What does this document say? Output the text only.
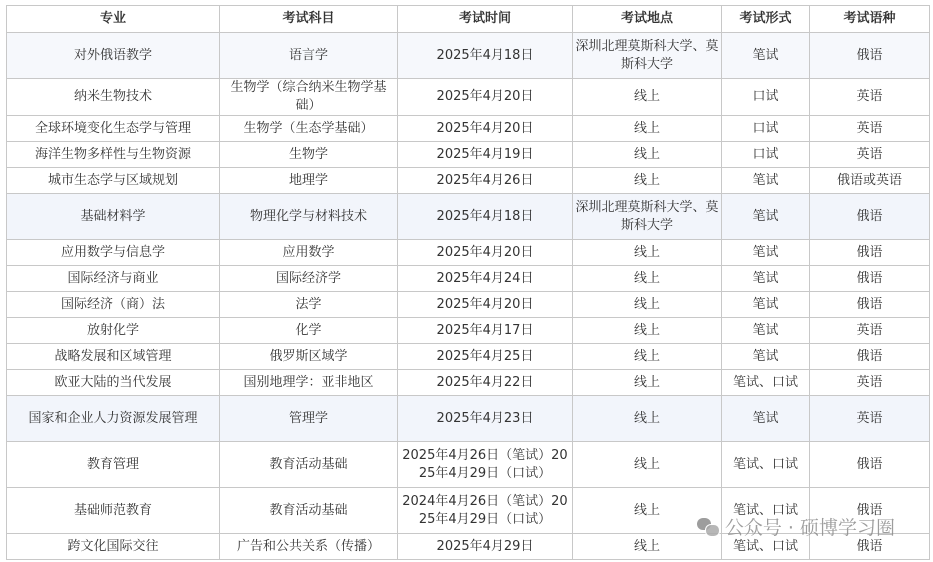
专业	考试科目	考试时间	考试地点	考试形式	考试语种
对外俄语教学	语言学	2025年4月18日	深圳北理莫斯科大学、莫斯科大学	笔试	俄语
纳米生物技术	生物学（综合纳米生物学基础）	2025年4月20日	线上	口试	英语
全球环境变化生态学与管理	生物学（生态学基础）	2025年4月20日	线上	口试	英语
海洋生物多样性与生物资源	生物学	2025年4月19日	线上	口试	英语
城市生态学与区域规划	地理学	2025年4月26日	线上	笔试	俄语或英语
基础材料学	物理化学与材料技术	2025年4月18日	深圳北理莫斯科大学、莫斯科大学	笔试	俄语
应用数学与信息学	应用数学	2025年4月20日	线上	笔试	俄语
国际经济与商业	国际经济学	2025年4月24日	线上	笔试	俄语
国际经济（商）法	法学	2025年4月20日	线上	笔试	俄语
放射化学	化学	2025年4月17日	线上	笔试	英语
战略发展和区域管理	俄罗斯区域学	2025年4月25日	线上	笔试	俄语
欧亚大陆的当代发展	国别地理学：亚非地区	2025年4月22日	线上	笔试、口试	英语
国家和企业人力资源发展管理	管理学	2025年4月23日	线上	笔试	英语
教育管理	教育活动基础	2025年4月26日（笔试）2025年4月29日（口试）	线上	笔试、口试	俄语
基础师范教育	教育活动基础	2024年4月26日（笔试）2025年4月29日（口试）	线上	笔试、口试	俄语
跨文化国际交往	广告和公共关系（传播）	2025年4月29日	线上	笔试、口试	俄语
公众号 · 硕博学习圈
